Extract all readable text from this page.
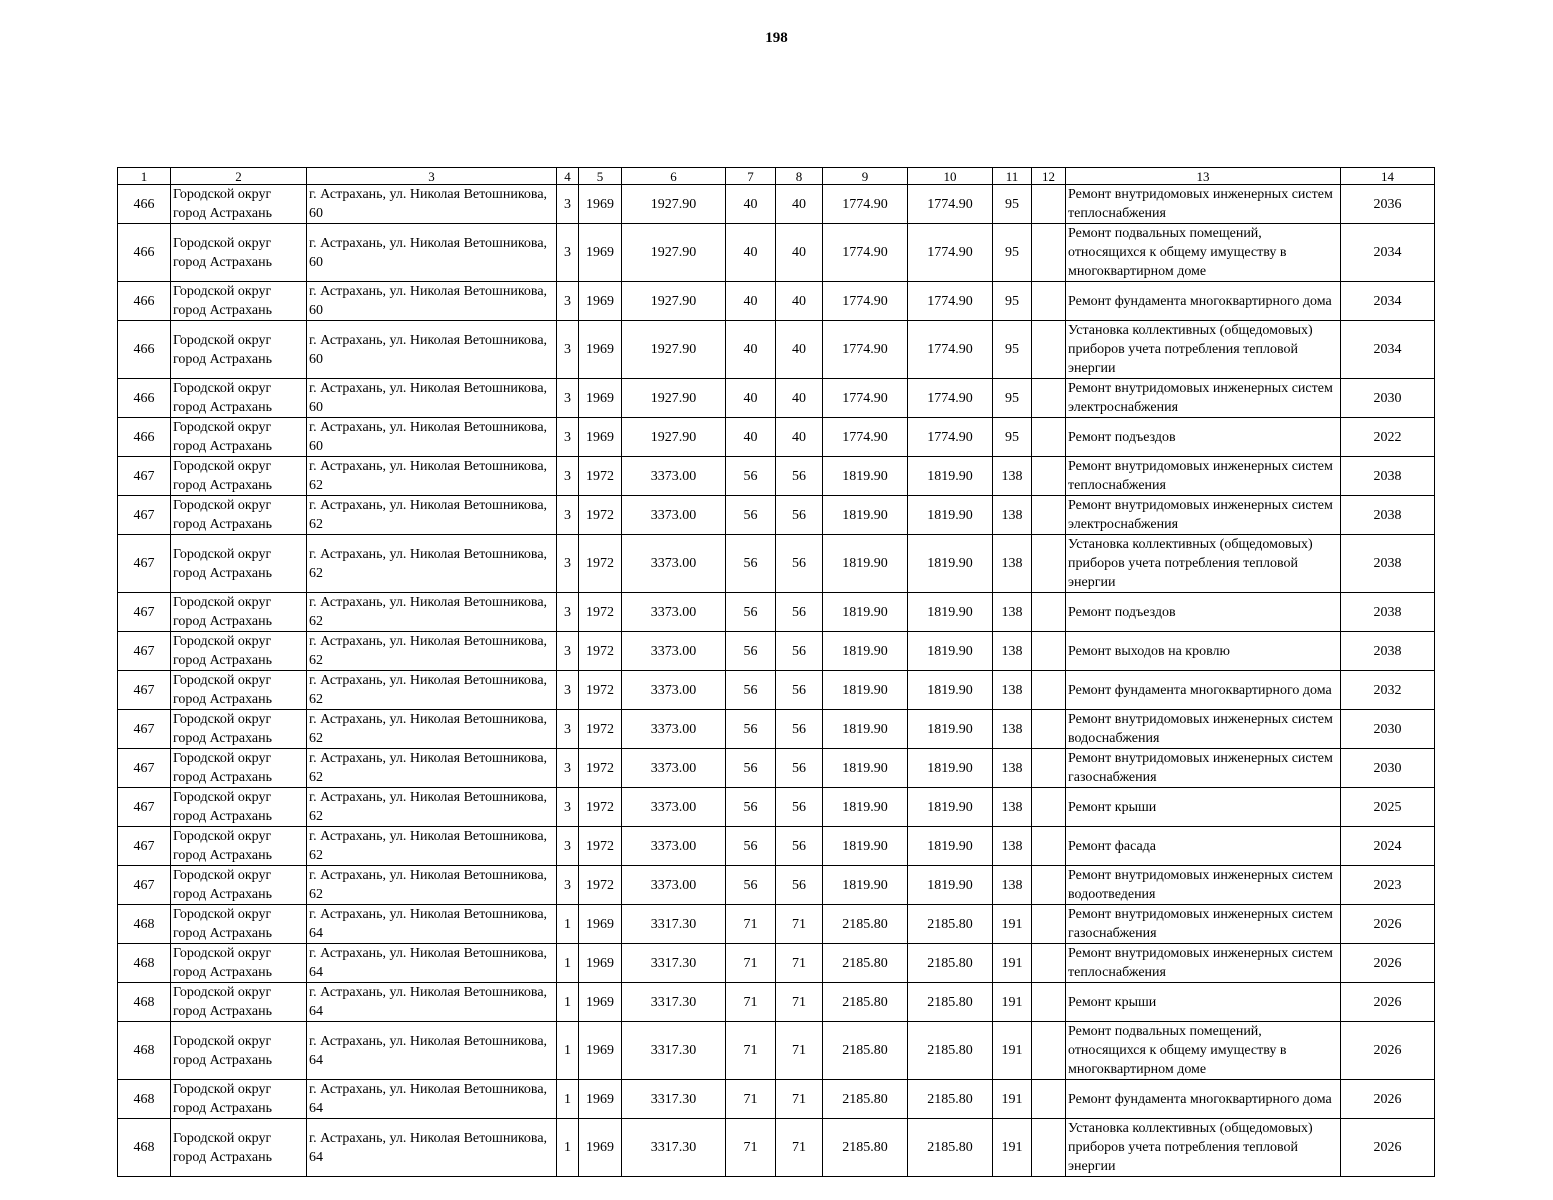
198
1	2	3	4	5	6	7	8	9	10	11	12	13	14
466	Городской округ город Астрахань	г. Астрахань, ул. Николая Ветошникова, 60	3	1969	1927.90	40	40	1774.90	1774.90	95		Ремонт внутридомовых инженерных систем теплоснабжения	2036
466	Городской округ город Астрахань	г. Астрахань, ул. Николая Ветошникова, 60	3	1969	1927.90	40	40	1774.90	1774.90	95		Ремонт подвальных помещений, относящихся к общему имуществу в многоквартирном доме	2034
466	Городской округ город Астрахань	г. Астрахань, ул. Николая Ветошникова, 60	3	1969	1927.90	40	40	1774.90	1774.90	95		Ремонт фундамента многоквартирного дома	2034
466	Городской округ город Астрахань	г. Астрахань, ул. Николая Ветошникова, 60	3	1969	1927.90	40	40	1774.90	1774.90	95		Установка коллективных (общедомовых) приборов учета потребления тепловой энергии	2034
466	Городской округ город Астрахань	г. Астрахань, ул. Николая Ветошникова, 60	3	1969	1927.90	40	40	1774.90	1774.90	95		Ремонт внутридомовых инженерных систем электроснабжения	2030
466	Городской округ город Астрахань	г. Астрахань, ул. Николая Ветошникова, 60	3	1969	1927.90	40	40	1774.90	1774.90	95		Ремонт подъездов	2022
467	Городской округ город Астрахань	г. Астрахань, ул. Николая Ветошникова, 62	3	1972	3373.00	56	56	1819.90	1819.90	138		Ремонт внутридомовых инженерных систем теплоснабжения	2038
467	Городской округ город Астрахань	г. Астрахань, ул. Николая Ветошникова, 62	3	1972	3373.00	56	56	1819.90	1819.90	138		Ремонт внутридомовых инженерных систем электроснабжения	2038
467	Городской округ город Астрахань	г. Астрахань, ул. Николая Ветошникова, 62	3	1972	3373.00	56	56	1819.90	1819.90	138		Установка коллективных (общедомовых) приборов учета потребления тепловой энергии	2038
467	Городской округ город Астрахань	г. Астрахань, ул. Николая Ветошникова, 62	3	1972	3373.00	56	56	1819.90	1819.90	138		Ремонт подъездов	2038
467	Городской округ город Астрахань	г. Астрахань, ул. Николая Ветошникова, 62	3	1972	3373.00	56	56	1819.90	1819.90	138		Ремонт выходов на кровлю	2038
467	Городской округ город Астрахань	г. Астрахань, ул. Николая Ветошникова, 62	3	1972	3373.00	56	56	1819.90	1819.90	138		Ремонт фундамента многоквартирного дома	2032
467	Городской округ город Астрахань	г. Астрахань, ул. Николая Ветошникова, 62	3	1972	3373.00	56	56	1819.90	1819.90	138		Ремонт внутридомовых инженерных систем водоснабжения	2030
467	Городской округ город Астрахань	г. Астрахань, ул. Николая Ветошникова, 62	3	1972	3373.00	56	56	1819.90	1819.90	138		Ремонт внутридомовых инженерных систем газоснабжения	2030
467	Городской округ город Астрахань	г. Астрахань, ул. Николая Ветошникова, 62	3	1972	3373.00	56	56	1819.90	1819.90	138		Ремонт крыши	2025
467	Городской округ город Астрахань	г. Астрахань, ул. Николая Ветошникова, 62	3	1972	3373.00	56	56	1819.90	1819.90	138		Ремонт фасада	2024
467	Городской округ город Астрахань	г. Астрахань, ул. Николая Ветошникова, 62	3	1972	3373.00	56	56	1819.90	1819.90	138		Ремонт внутридомовых инженерных систем водоотведения	2023
468	Городской округ город Астрахань	г. Астрахань, ул. Николая Ветошникова, 64	1	1969	3317.30	71	71	2185.80	2185.80	191		Ремонт внутридомовых инженерных систем газоснабжения	2026
468	Городской округ город Астрахань	г. Астрахань, ул. Николая Ветошникова, 64	1	1969	3317.30	71	71	2185.80	2185.80	191		Ремонт внутридомовых инженерных систем теплоснабжения	2026
468	Городской округ город Астрахань	г. Астрахань, ул. Николая Ветошникова, 64	1	1969	3317.30	71	71	2185.80	2185.80	191		Ремонт крыши	2026
468	Городской округ город Астрахань	г. Астрахань, ул. Николая Ветошникова, 64	1	1969	3317.30	71	71	2185.80	2185.80	191		Ремонт подвальных помещений, относящихся к общему имуществу в многоквартирном доме	2026
468	Городской округ город Астрахань	г. Астрахань, ул. Николая Ветошникова, 64	1	1969	3317.30	71	71	2185.80	2185.80	191		Ремонт фундамента многоквартирного дома	2026
468	Городской округ город Астрахань	г. Астрахань, ул. Николая Ветошникова, 64	1	1969	3317.30	71	71	2185.80	2185.80	191		Установка коллективных (общедомовых) приборов учета потребления тепловой энергии	2026
